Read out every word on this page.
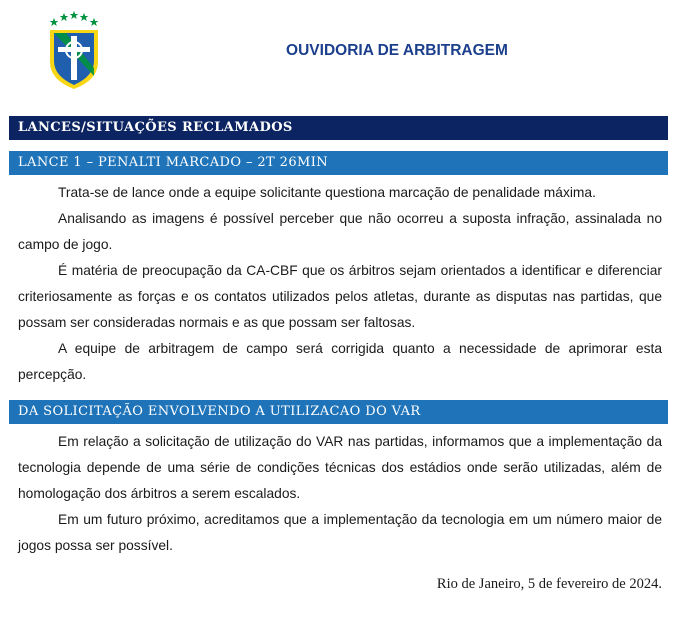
OUVIDORIA DE ARBITRAGEM
LANCES/SITUAÇÕES RECLAMADOS
LANCE 1 – PENALTI MARCADO – 2T 26MIN

Trata-se de lance onde a equipe solicitante questiona marcação de penalidade máxima.

Analisando as imagens é possível perceber que não ocorreu a suposta infração, assinalada no campo de jogo.

É matéria de preocupação da CA-CBF que os árbitros sejam orientados a identificar e diferenciar criteriosamente as forças e os contatos utilizados pelos atletas, durante as disputas nas partidas, que possam ser consideradas normais e as que possam ser faltosas.

A equipe de arbitragem de campo será corrigida quanto a necessidade de aprimorar esta percepção.

DA SOLICITAÇÃO ENVOLVENDO A UTILIZACAO DO VAR

Em relação a solicitação de utilização do VAR nas partidas, informamos que a implementação da tecnologia depende de uma série de condições técnicas dos estádios onde serão utilizadas, além de homologação dos árbitros a serem escalados.

Em um futuro próximo, acreditamos que a implementação da tecnologia em um número maior de jogos possa ser possível.

Rio de Janeiro, 5 de fevereiro de 2024.
